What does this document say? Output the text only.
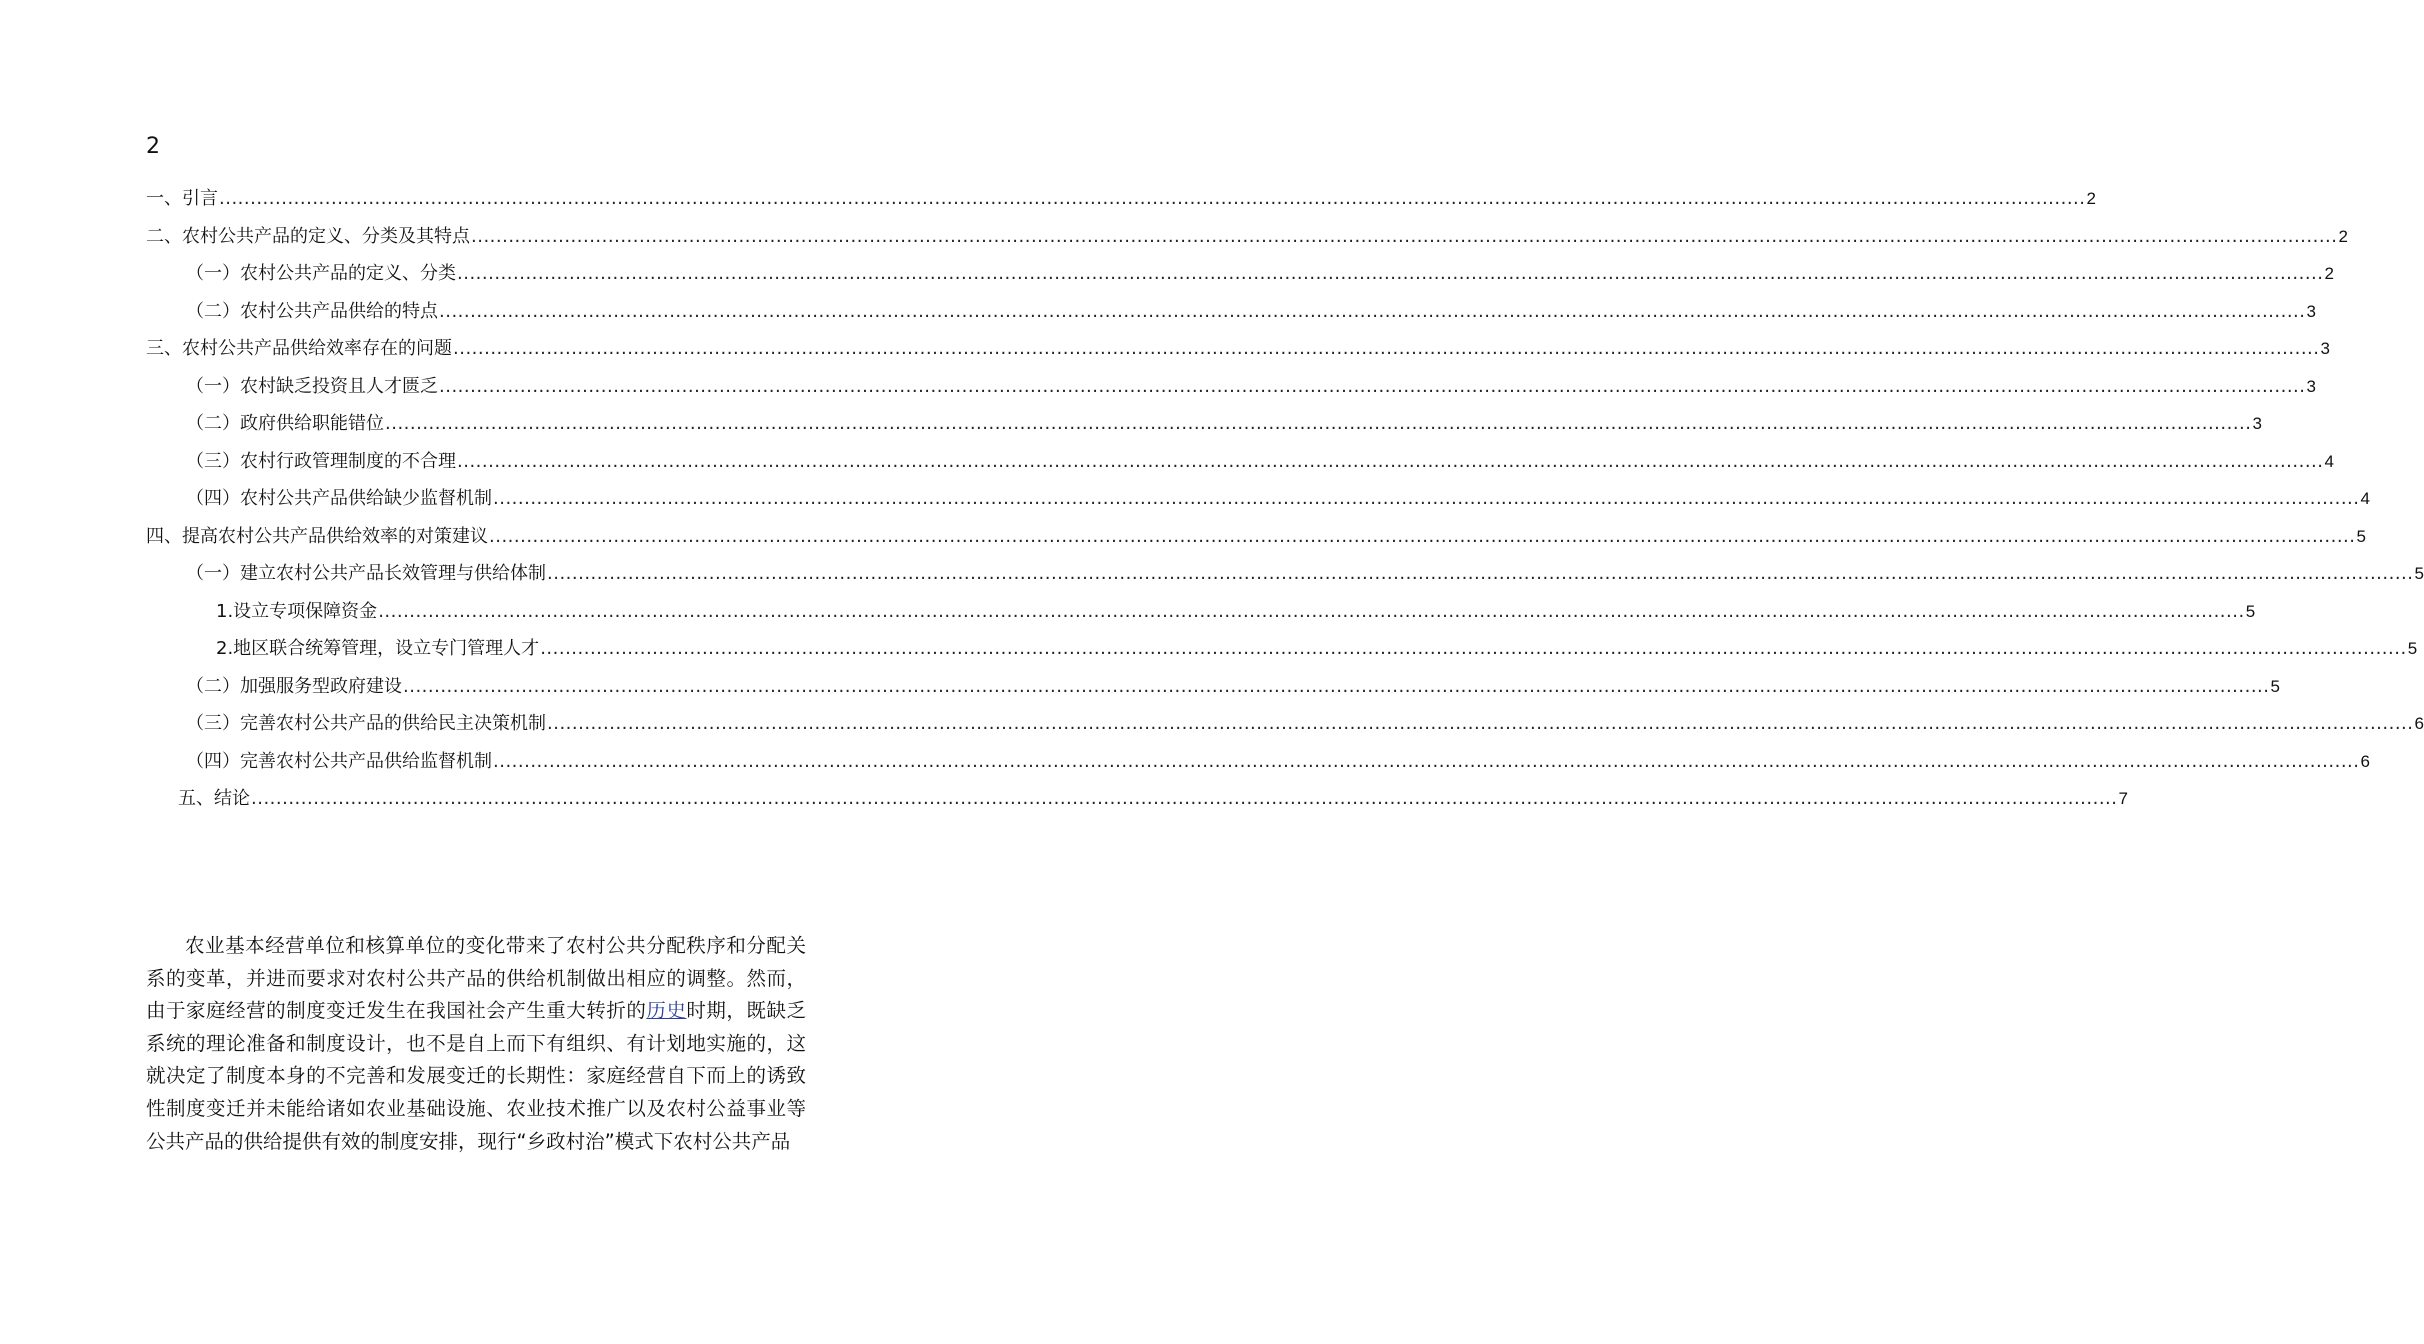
2
一、引言 ............................................................................................................................................................................................................................................................................................................ 2
二、农村公共产品的定义、分类及其特点 ............................................................................................................................................................................................................................................................................................................ 2
（一）农村公共产品的定义、分类 ............................................................................................................................................................................................................................................................................................................ 2
（二）农村公共产品供给的特点 ............................................................................................................................................................................................................................................................................................................ 3
三、农村公共产品供给效率存在的问题 ............................................................................................................................................................................................................................................................................................................ 3
（一）农村缺乏投资且人才匮乏 ............................................................................................................................................................................................................................................................................................................ 3
（二）政府供给职能错位 ............................................................................................................................................................................................................................................................................................................ 3
（三）农村行政管理制度的不合理 ............................................................................................................................................................................................................................................................................................................ 4
（四）农村公共产品供给缺少监督机制 ............................................................................................................................................................................................................................................................................................................ 4
四、提高农村公共产品供给效率的对策建议 ............................................................................................................................................................................................................................................................................................................ 5
（一）建立农村公共产品长效管理与供给体制 ............................................................................................................................................................................................................................................................................................................ 5
1.设立专项保障资金 ............................................................................................................................................................................................................................................................................................................ 5
2.地区联合统筹管理，设立专门管理人才 ............................................................................................................................................................................................................................................................................................................ 5
（二）加强服务型政府建设 ............................................................................................................................................................................................................................................................................................................ 5
（三）完善农村公共产品的供给民主决策机制 ............................................................................................................................................................................................................................................................................................................ 6
（四）完善农村公共产品供给监督机制 ............................................................................................................................................................................................................................................................................................................ 6
五、结论 ............................................................................................................................................................................................................................................................................................................ 7
农业基本经营单位和核算单位的变化带来了农村公共分配秩序和分配关系的变革，并进而要求对农村公共产品的供给机制做出相应的调整。然而，由于家庭经营的制度变迁发生在我国社会产生重大转折的历史时期，既缺乏系统的理论准备和制度设计，也不是自上而下有组织、有计划地实施的，这就决定了制度本身的不完善和发展变迁的长期性：家庭经营自下而上的诱致性制度变迁并未能给诸如农业基础设施、农业技术推广以及农村公益事业等公共产品的供给提供有效的制度安排，现行“乡政村治”模式下农村公共产品
